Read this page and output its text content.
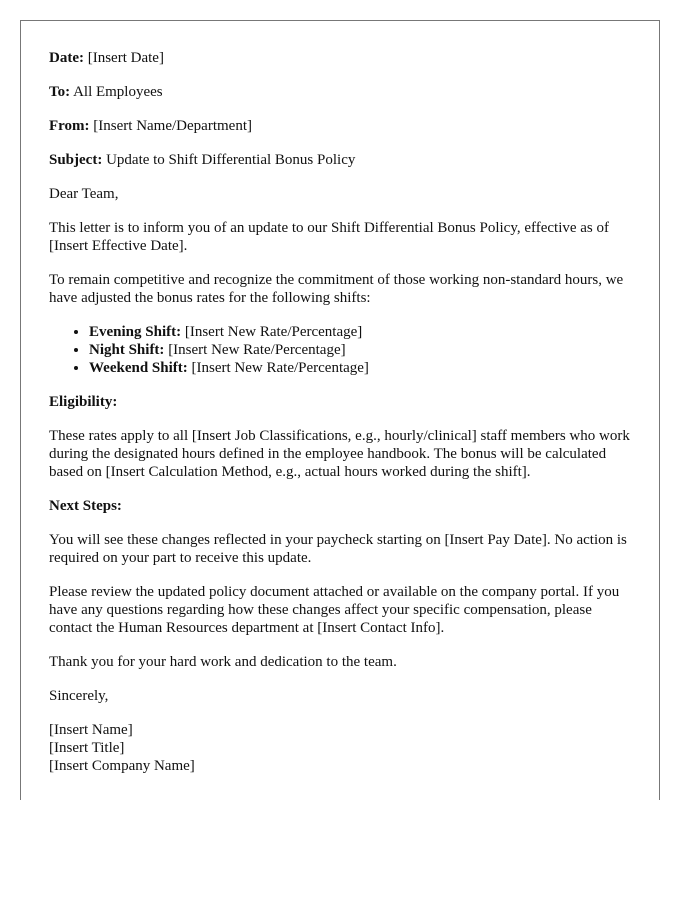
Date: [Insert Date]

To: All Employees

From: [Insert Name/Department]

Subject: Update to Shift Differential Bonus Policy

Dear Team,

This letter is to inform you of an update to our Shift Differential Bonus Policy, effective as of [Insert Effective Date].

To remain competitive and recognize the commitment of those working non-standard hours, we have adjusted the bonus rates for the following shifts:

• Evening Shift: [Insert New Rate/Percentage]
• Night Shift: [Insert New Rate/Percentage]
• Weekend Shift: [Insert New Rate/Percentage]

Eligibility:

These rates apply to all [Insert Job Classifications, e.g., hourly/clinical] staff members who work during the designated hours defined in the employee handbook. The bonus will be calculated based on [Insert Calculation Method, e.g., actual hours worked during the shift].

Next Steps:

You will see these changes reflected in your paycheck starting on [Insert Pay Date]. No action is required on your part to receive this update.

Please review the updated policy document attached or available on the company portal. If you have any questions regarding how these changes affect your specific compensation, please contact the Human Resources department at [Insert Contact Info].

Thank you for your hard work and dedication to the team.

Sincerely,

[Insert Name]

[Insert Title]

[Insert Company Name]
